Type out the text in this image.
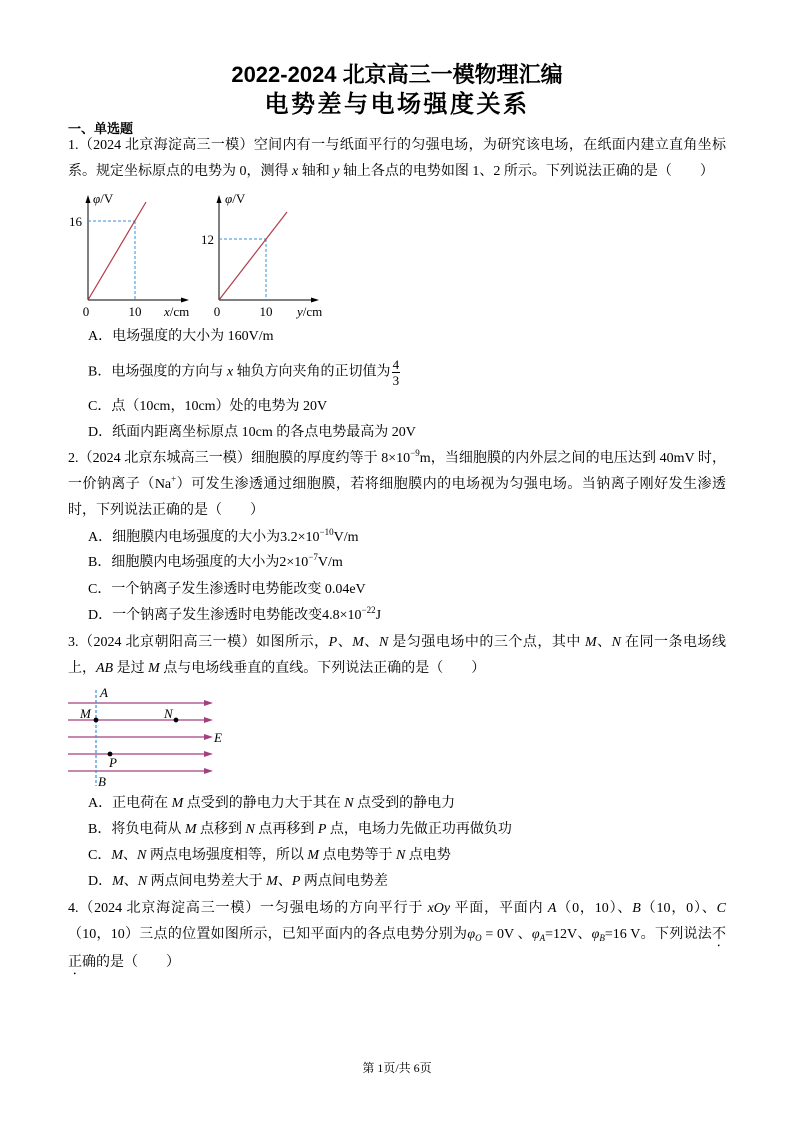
2022-2024 北京高三一模物理汇编
电势差与电场强度关系
一、单选题
1.（2024 北京海淀高三一模）空间内有一与纸面平行的匀强电场，为研究该电场，在纸面内建立直角坐标系。规定坐标原点的电势为 0，测得 x 轴和 y 轴上各点的电势如图 1、2 所示。下列说法正确的是（　　）
φ/V
16
0	10 x/cm
φ/V
12
0	10 y/cm
A．电场强度的大小为 160V/m
B．电场强度的方向与 x 轴负方向夹角的正切值为 $\frac{4}{3}$
C．点（10cm，10cm）处的电势为 20V
D．纸面内距离坐标原点 10cm 的各点电势最高为 20V
2.（2024 北京东城高三一模）细胞膜的厚度约等于 $8\times 10^{-9}m$，当细胞膜的内外层之间的电压达到 40mV 时，一价钠离子（Na+）可发生渗透通过细胞膜，若将细胞膜内的电场视为匀强电场。当钠离子刚好发生渗透时，下列说法正确的是（　　）
A．细胞膜内电场强度的大小为$3.2\times 10^{-10}V/m$
B．细胞膜内电场强度的大小为$2\times 10^{-7}V/m$
C．一个钠离子发生渗透时电势能改变 0.04eV
D．一个钠离子发生渗透时电势能改变$4.8\times 10^{-22}J$
3.（2024 北京朝阳高三一模）如图所示，P、M、N 是匀强电场中的三个点，其中 M、N 在同一条电场线上，AB 是过 M 点与电场线垂直的直线。下列说法正确的是（　　）
A
M	N
E
P
B
A．正电荷在 M 点受到的静电力大于其在 N 点受到的静电力
B．将负电荷从 M 点移到 N 点再移到 P 点，电场力先做正功再做负功
C．M、N 两点电场强度相等，所以 M 点电势等于 N 点电势
D．M、N 两点间电势差大于 M、P 两点间电势差
4.（2024 北京海淀高三一模）一匀强电场的方向平行于 xOy 平面，平面内 A（0，10）、B（10，0）、C（10，10）三点的位置如图所示，已知平面内的各点电势分别为$\varphi_O = 0V$ 、$\varphi_A=12V$、$\varphi_B=16$ V。下列说法不正确的是（　　）
第 1页/共 6页
